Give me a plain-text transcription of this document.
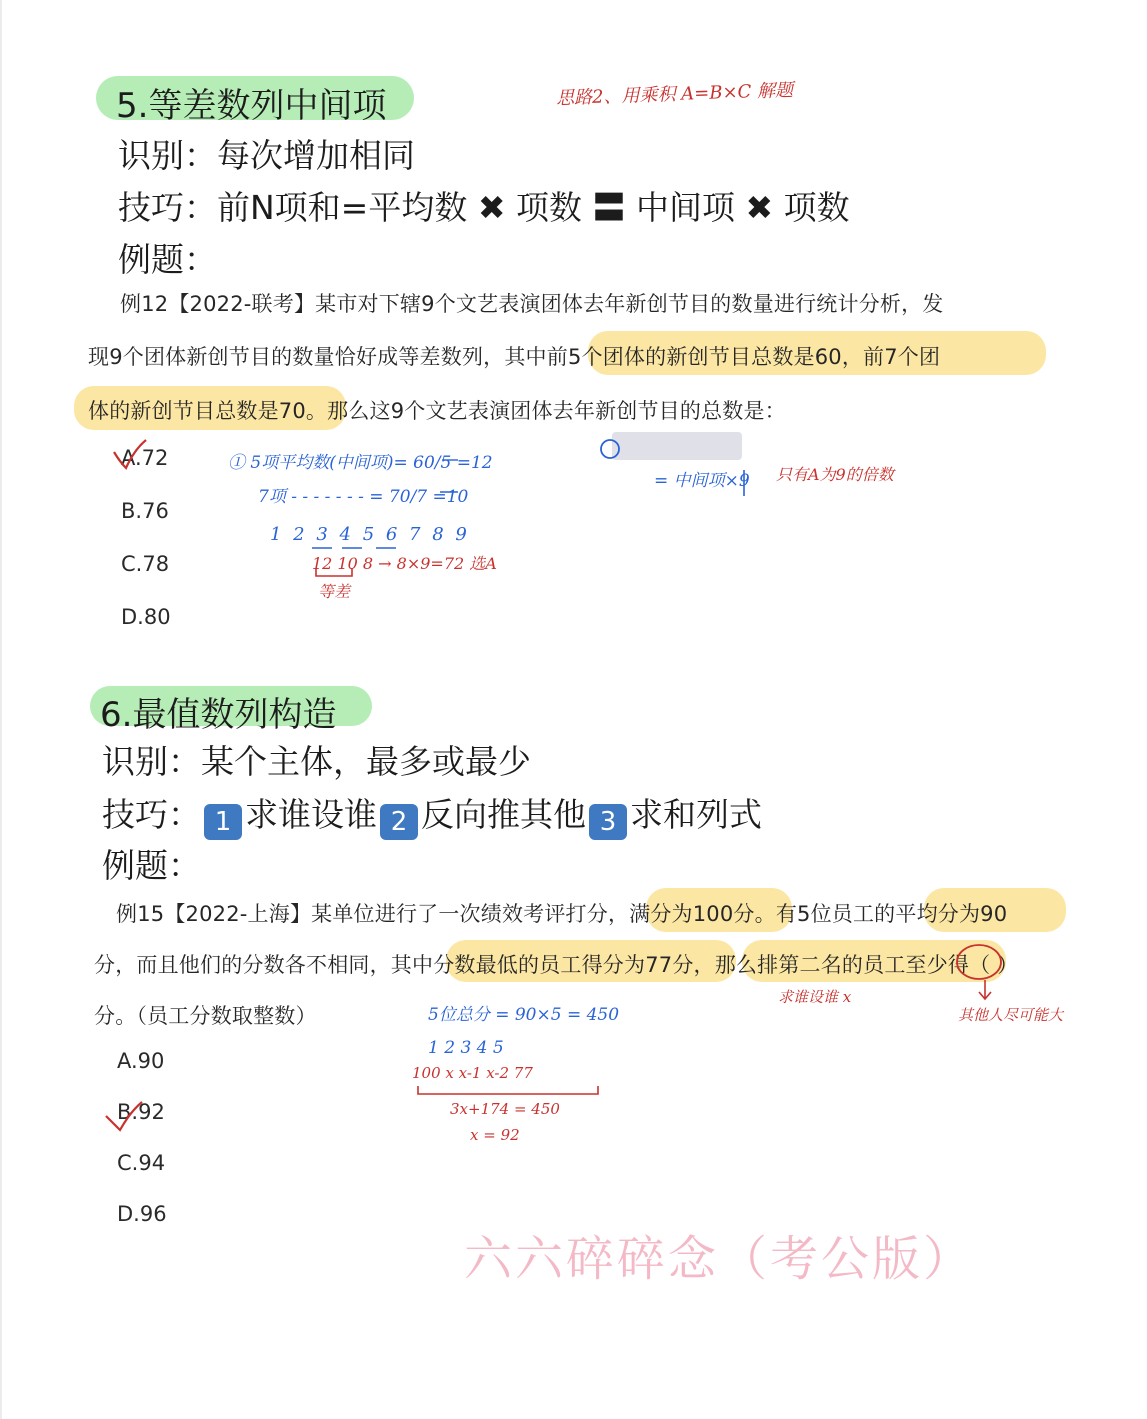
5.等差数列中间项
识别：每次增加相同
技巧：前N项和=平均数 ✖ 项数 〓 中间项 ✖ 项数
例题：
例12【2022-联考】某市对下辖9个文艺表演团体去年新创节目的数量进行统计分析，发
现9个团体新创节目的数量恰好成等差数列，其中前5个团体的新创节目总数是60，前7个团
体的新创节目总数是70。那么这9个文艺表演团体去年新创节目的总数是：
A.72
B.76
C.78
D.80
思路2、用乘积 A=B×C 解题
① 5项平均数(中间项)= 60/5 =12
7项 - - - - - - - = 70/7 =10
1 2 3 4 5 6 7 8 9
12 10 8 → 8×9=72 选A
等差
= 中间项×9 只有A为9的倍数
6.最值数列构造
识别：某个主体，最多或最少
技巧： 1 求谁设谁 2 反向推其他 3 求和列式
例题：
例15【2022-上海】某单位进行了一次绩效考评打分，满分为100分。有5位员工的平均分为90
分，而且他们的分数各不相同，其中分数最低的员工得分为77分，那么排第二名的员工至少得（ ）
分。（员工分数取整数）
A.90
B.92
C.94
D.96
5位总分 = 90×5 = 450
1 2 3 4 5
100 x x-1 x-2 77
3x+174 = 450
x = 92
求谁设谁 x
其他人尽可能大
六六碎碎念（考公版）
